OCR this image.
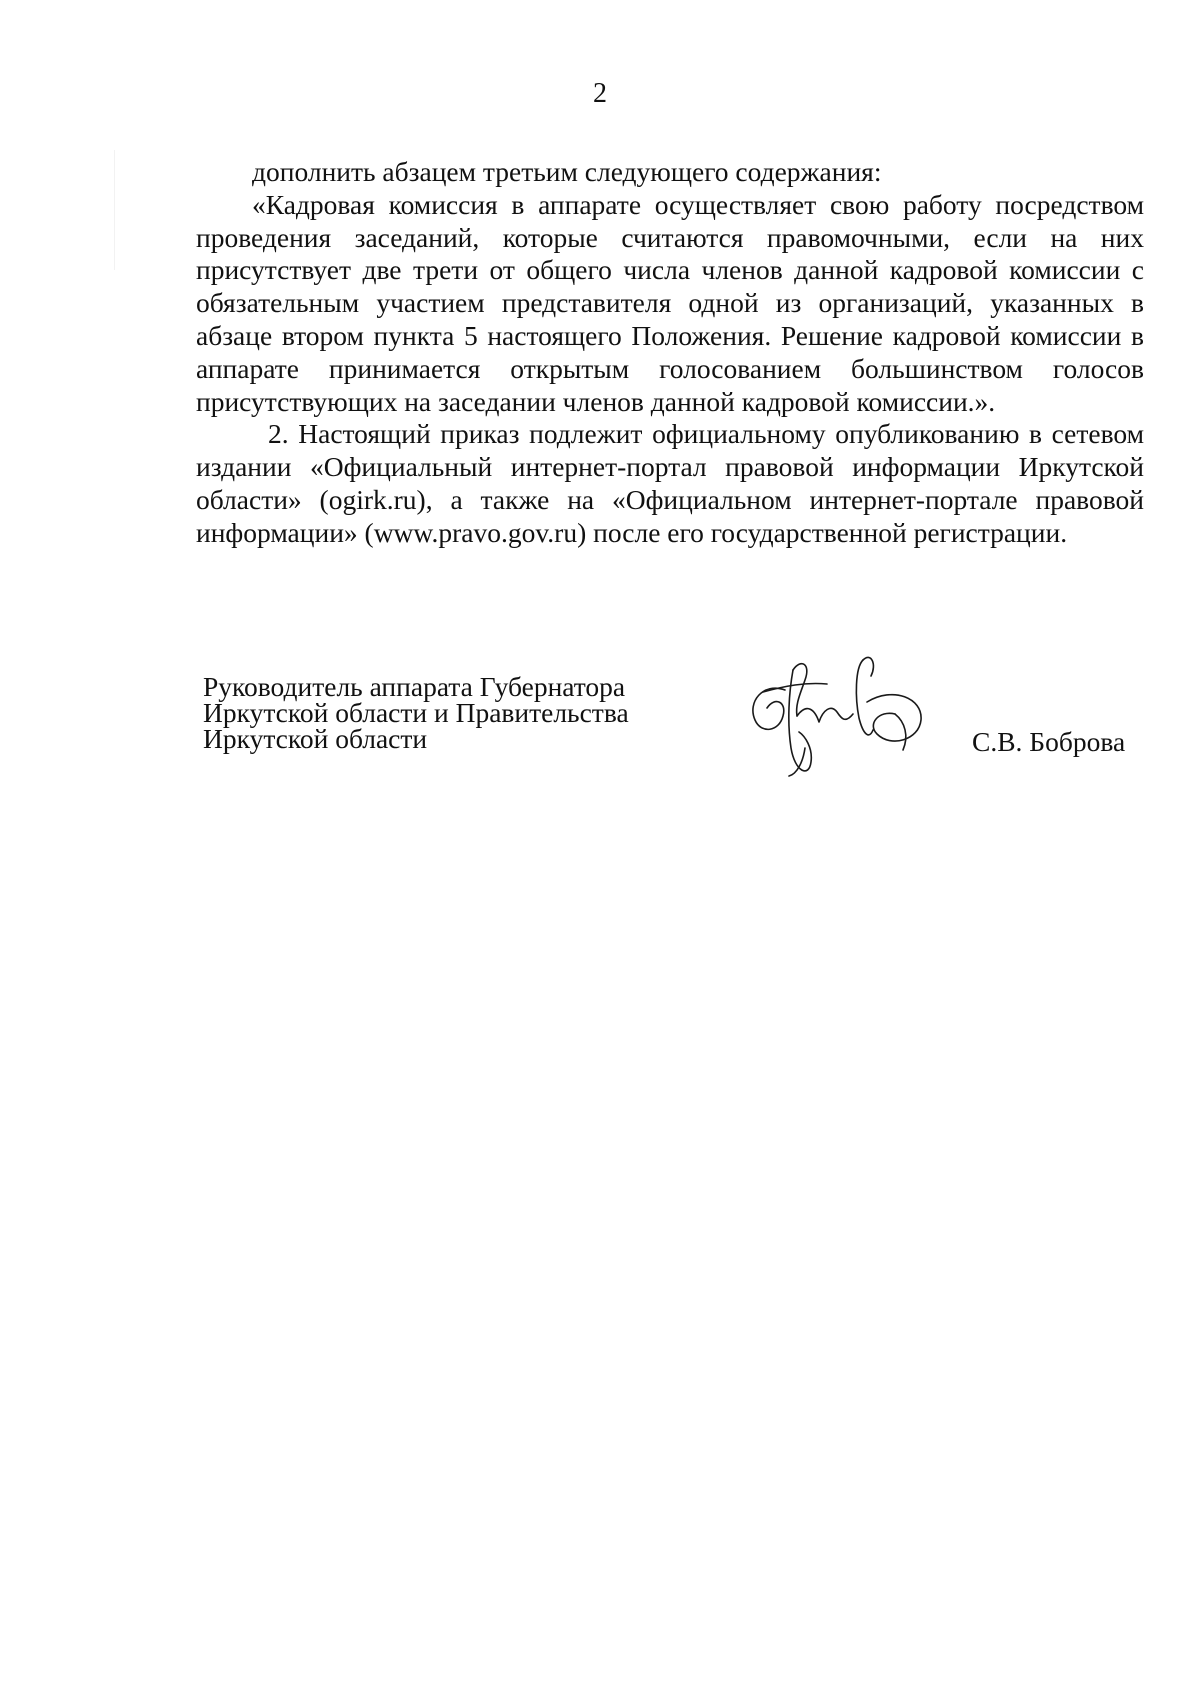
2

дополнить абзацем третьим следующего содержания:

«Кадровая комиссия в аппарате осуществляет свою работу посредством проведения заседаний, которые считаются правомочными, если на них присутствует две трети от общего числа членов данной кадровой комиссии с обязательным участием представителя одной из организаций, указанных в абзаце втором пункта 5 настоящего Положения. Решение кадровой комиссии в аппарате принимается открытым голосованием большинством голосов присутствующих на заседании членов данной кадровой комиссии.».

2. Настоящий приказ подлежит официальному опубликованию в сетевом издании «Официальный интернет-портал правовой информации Иркутской области» (ogirk.ru), а также на «Официальном интернет-портале правовой информации» (www.pravo.gov.ru) после его государственной регистрации.

Руководитель аппарата Губернатора
Иркутской области и Правительства
Иркутской области	С.В. Боброва
